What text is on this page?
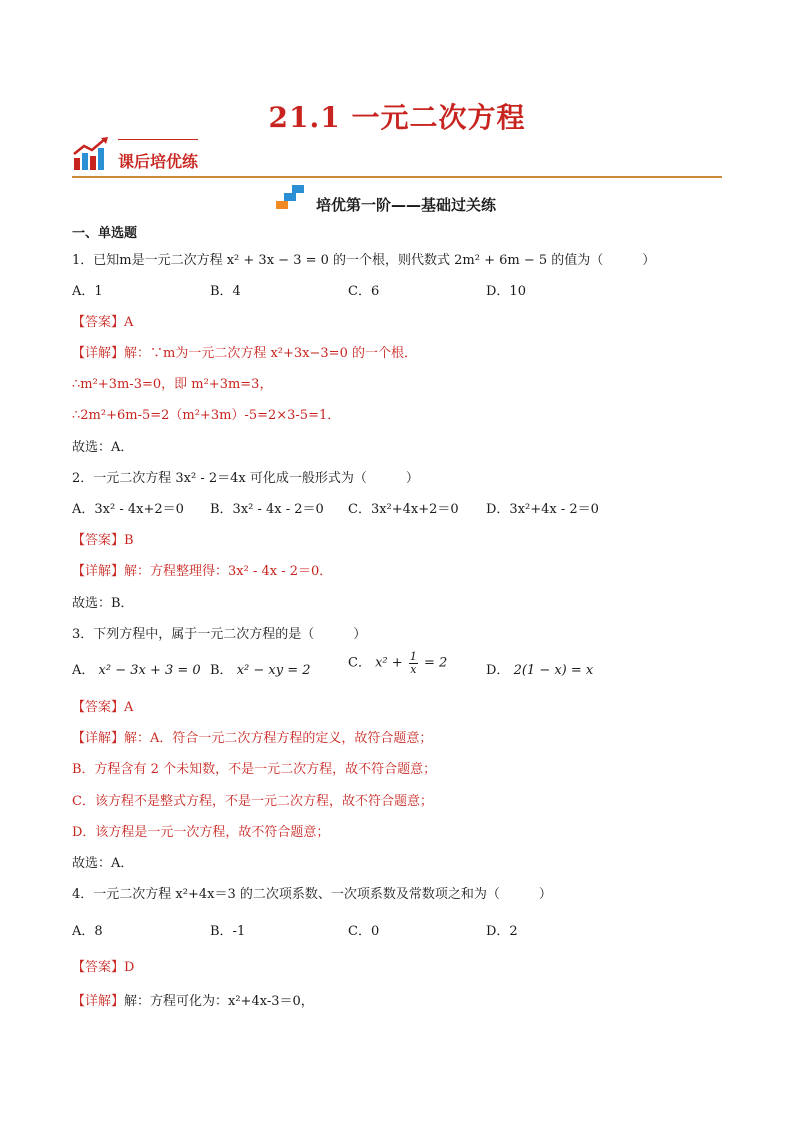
21.1 一元二次方程
课后培优练
培优第一阶——基础过关练
一、单选题
1．已知m是一元二次方程 x² + 3x − 3 = 0 的一个根，则代数式 2m² + 6m − 5 的值为（　　　）
A．1	B．4	C．6	D．10
【答案】A
【详解】解：∵m为一元二次方程 x²+3x−3=0 的一个根．
∴m²+3m-3=0，即 m²+3m=3，
∴2m²+6m-5=2（m²+3m）-5=2×3-5=1．
故选：A．
2．一元二次方程 3x² - 2＝4x 可化成一般形式为（　　　）
A．3x² - 4x+2＝0 B．3x² - 4x - 2＝0 C．3x²+4x+2＝0 D．3x²+4x - 2＝0
【答案】B
【详解】解：方程整理得：3x² - 4x - 2＝0．
故选：B．
3．下列方程中，属于一元二次方程的是（　　　）
A． x² − 3x + 3 = 0 B． x² − xy = 2	C． $x^2 + \frac{1}{x} = 2$	D． 2(1 − x) = x
【答案】A
【详解】解：A．符合一元二次方程方程的定义，故符合题意；
B．方程含有 2 个未知数，不是一元二次方程，故不符合题意；
C．该方程不是整式方程，不是一元二次方程，故不符合题意；
D．该方程是一元一次方程，故不符合题意；
故选：A．
4．一元二次方程 x²+4x＝3 的二次项系数、一次项系数及常数项之和为（　　　）
A．8	B．-1	C．0	D．2
【答案】D
【详解】解：方程可化为：x²+4x-3＝0，
